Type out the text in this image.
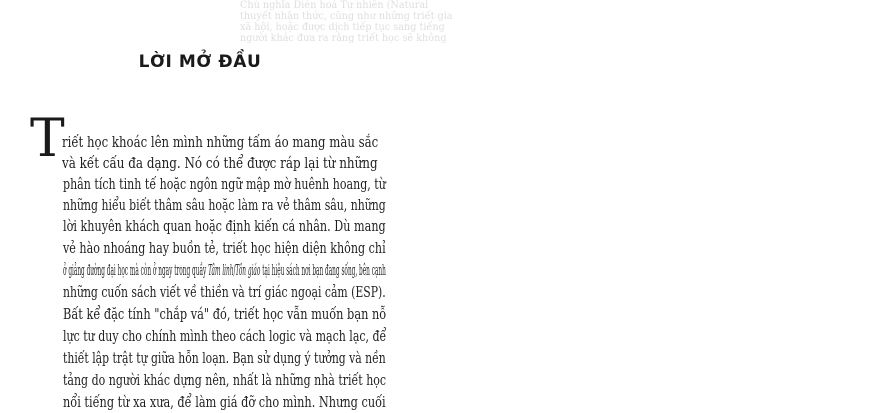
Chủ nghĩa Diễn hoá Tự nhiên (Natural
thuyết nhận thức, cũng như những triết gia
xã hội, hoặc được dịch tiếp tục sang tiếng
người khác đưa ra rằng triết học sẽ không
LỜI MỞ ĐẦU
T
riết học khoác lên mình những tấm áo mang màu sắc
và kết cấu đa dạng. Nó có thể được ráp lại từ những
phân tích tinh tế hoặc ngôn ngữ mập mờ huênh hoang, từ
những hiểu biết thâm sâu hoặc làm ra vẻ thâm sâu, những
lời khuyên khách quan hoặc định kiến cá nhân. Dù mang
vẻ hào nhoáng hay buồn tẻ, triết học hiện diện không chỉ
ở giảng đường đại học mà còn ở ngay trong quầy Tâm linh/Tôn giáo tại hiệu sách nơi bạn đang sống, bên cạnh
những cuốn sách viết về thiền và trí giác ngoại cảm (ESP).
Bất kể đặc tính "chắp vá" đó, triết học vẫn muốn bạn nỗ
lực tư duy cho chính mình theo cách logic và mạch lạc, để
thiết lập trật tự giữa hỗn loạn. Bạn sử dụng ý tưởng và nền
tảng do người khác dựng nên, nhất là những nhà triết học
nổi tiếng từ xa xưa, để làm giá đỡ cho mình. Nhưng cuối
